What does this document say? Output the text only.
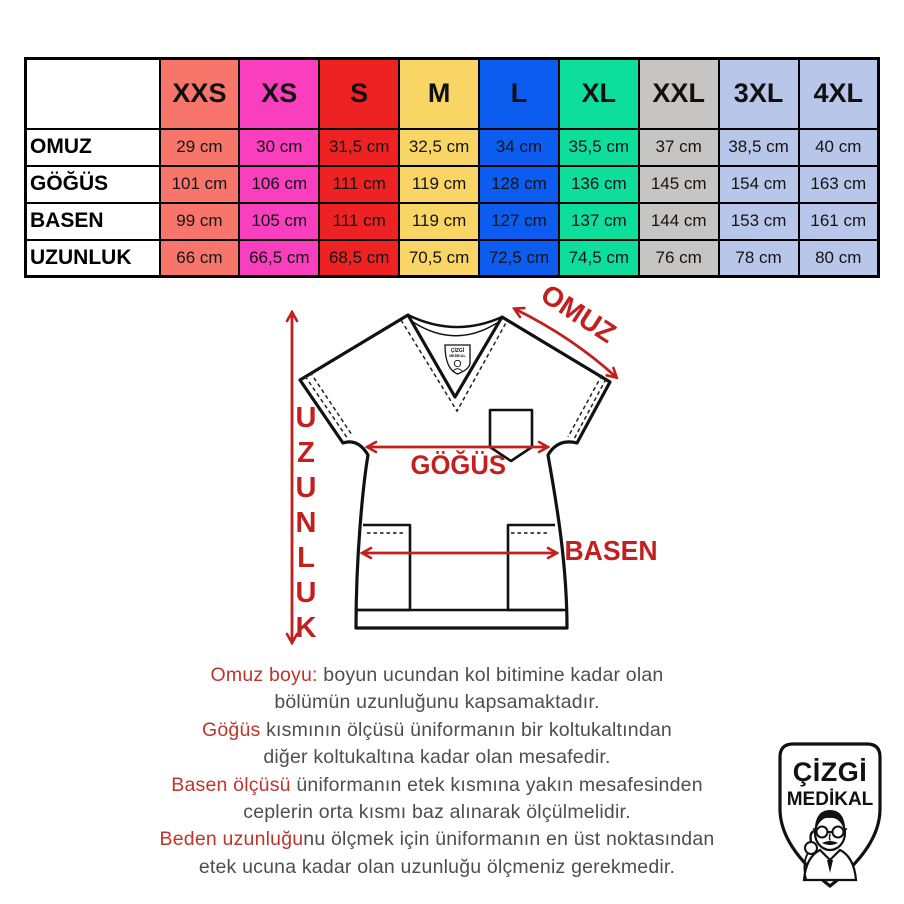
	XXS	XS	S	M	L	XL	XXL	3XL	4XL
OMUZ	29 cm	30 cm	31,5 cm	32,5 cm	34 cm	35,5 cm	37 cm	38,5 cm	40 cm
GÖĞÜS	101 cm	106 cm	111 cm	119 cm	128 cm	136 cm	145 cm	154 cm	163 cm
BASEN	99 cm	105 cm	111 cm	119 cm	127 cm	137 cm	144 cm	153 cm	161 cm
UZUNLUK	66 cm	66,5 cm	68,5 cm	70,5 cm	72,5 cm	74,5 cm	76 cm	78 cm	80 cm
ÇİZGİ
MEDİKAL
UZUNLUK
OMUZ
GÖĞÜS
BASEN
Omuz boyu: boyun ucundan kol bitimine kadar olan
bölümün uzunluğunu kapsamaktadır.
Göğüs kısmının ölçüsü üniformanın bir koltukaltından
diğer koltukaltına kadar olan mesafedir.
Basen ölçüsü üniformanın etek kısmına yakın mesafesinden
ceplerin orta kısmı baz alınarak ölçülmelidir.
Beden uzunluğunu ölçmek için üniformanın en üst noktasından
etek ucuna kadar olan uzunluğu ölçmeniz gerekmedir.
ÇİZGİ
MEDİKAL
